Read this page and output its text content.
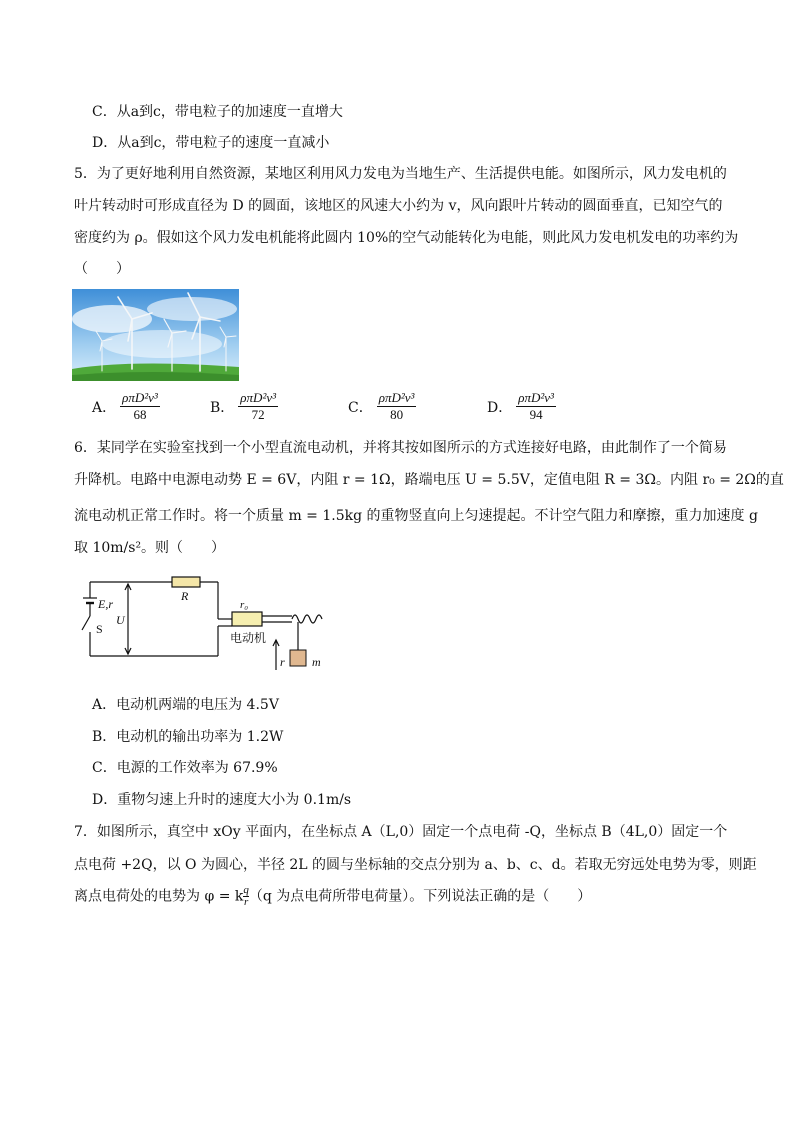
C．从a到c，带电粒子的加速度一直增大
D．从a到c，带电粒子的速度一直减小
5．为了更好地利用自然资源，某地区利用风力发电为当地生产、生活提供电能。如图所示，风力发电机的
叶片转动时可形成直径为 D 的圆面，该地区的风速大小约为 v，风向跟叶片转动的圆面垂直，已知空气的
密度约为 ρ。假如这个风力发电机能将此圆内 10%的空气动能转化为电能，则此风力发电机发电的功率约为
（　　）
A． $\frac{\text{ρπD²v³}}{68}$	B． $\frac{\text{ρπD²v³}}{72}$	C． $\frac{\text{ρπD²v³}}{80}$	D． $\frac{\text{ρπD²v³}}{94}$
6．某同学在实验室找到一个小型直流电动机，并将其按如图所示的方式连接好电路，由此制作了一个简易
升降机。电路中电源电动势 E = 6V，内阻 r = 1Ω，路端电压 U = 5.5V，定值电阻 R = 3Ω。内阻 r₀ = 2Ω的直
流电动机正常工作时。将一个质量 m = 1.5kg 的重物竖直向上匀速提起。不计空气阻力和摩擦，重力加速度 g
取 10m/s²。则（　　）
R
E,r
S
U
r₀
电动机
r m
A．电动机两端的电压为 4.5V
B．电动机的输出功率为 1.2W
C．电源的工作效率为 67.9%
D．重物匀速上升时的速度大小为 0.1m/s
7．如图所示，真空中 xOy 平面内，在坐标点 A（L,0）固定一个点电荷 -Q，坐标点 B（4L,0）固定一个
点电荷 +2Q，以 O 为圆心，半径 2L 的圆与坐标轴的交点分别为 a、b、c、d。若取无穷远处电势为零，则距
离点电荷处的电势为 φ = k $\frac{q}{r} (q$ 为点电荷所带电荷量）。下列说法正确的是（　　）
